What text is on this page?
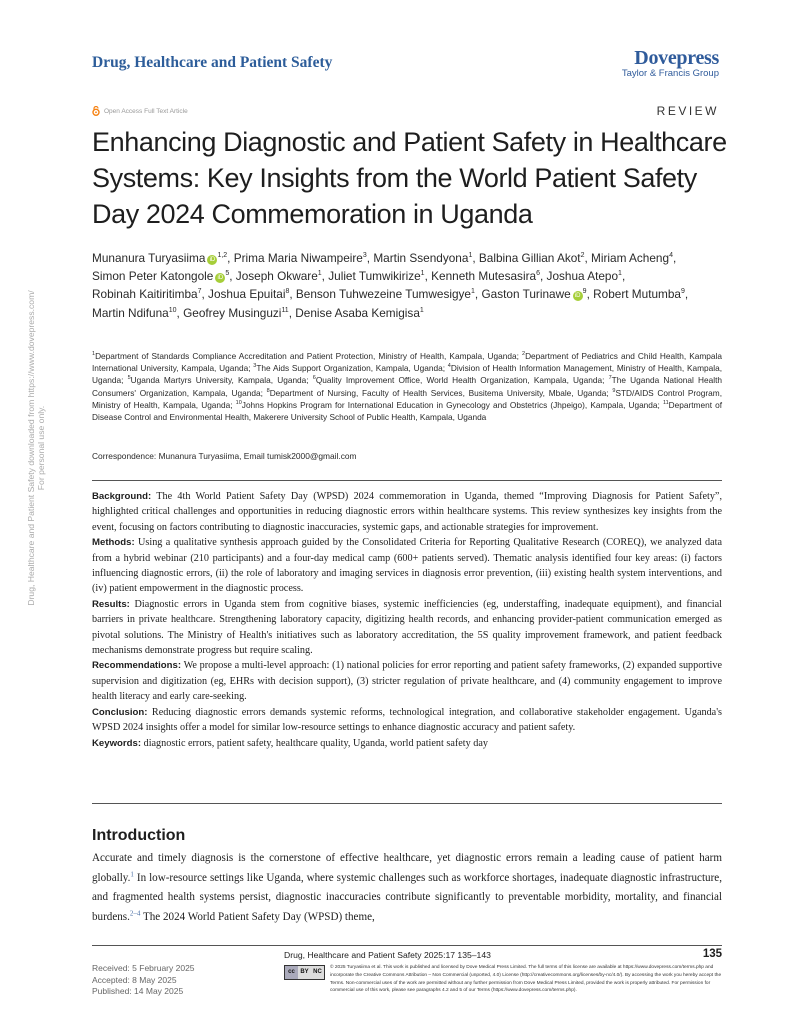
Drug, Healthcare and Patient Safety	Dovepress
Taylor & Francis Group
Open Access Full Text Article	REVIEW
Enhancing Diagnostic and Patient Safety in Healthcare Systems: Key Insights from the World Patient Safety Day 2024 Commemoration in Uganda
Munanura Turyasiima iD$^{1,2}$, Prima Maria Niwampeire$^3$, Martin Ssendyona$^1$, Balbina Gillian Akot$^2$, Miriam Acheng$^4$, Simon Peter Katongole $iD^5$, Joseph Okware$^1$, Juliet Tumwikirize$^1$, Kenneth Mutesasira$^6$, Joshua Atepo$^1$, Robinah Kaitiritimba$^7$, Joshua Epuitai$^8$, Benson Tuhwezeine Tumwesigye$^1$, Gaston Turinawe $iD^9$, Robert Mutumba$^9$, Martin Ndifuna$^{10}$, Geofrey Musinguzi$^{11}$, Denise Asaba Kemigisa$^1$
$^1$Department of Standards Compliance Accreditation and Patient Protection, Ministry of Health, Kampala, Uganda; $^2$Department of Pediatrics and Child Health, Kampala International University, Kampala, Uganda; $^3$The Aids Support Organization, Kampala, Uganda; $^4$Division of Health Information Management, Ministry of Health, Kampala, Uganda; $^5$Uganda Martyrs University, Kampala, Uganda; $^6$Quality Improvement Office, World Health Organization, Kampala, Uganda; $^7$The Uganda National Health Consumers' Organization, Kampala, Uganda; $^8$Department of Nursing, Faculty of Health Services, Busitema University, Mbale, Uganda; $^9$STD/AIDS Control Program, Ministry of Health, Kampala, Uganda; $^{10}$Johns Hopkins Program for International Education in Gynecology and Obstetrics (Jhpeigo), Kampala, Uganda; $^{11}$Department of Disease Control and Environmental Health, Makerere University School of Public Health, Kampala, Uganda
Correspondence: Munanura Turyasiima, Email tumisk2000@gmail.com

Background: The 4th World Patient Safety Day (WPSD) 2024 commemoration in Uganda, themed “Improving Diagnosis for Patient Safety”, highlighted critical challenges and opportunities in reducing diagnostic errors within healthcare systems. This review synthesizes key insights from the event, focusing on factors contributing to diagnostic inaccuracies, systemic gaps, and actionable strategies for improvement.

Methods: Using a qualitative synthesis approach guided by the Consolidated Criteria for Reporting Qualitative Research (COREQ), we analyzed data from a hybrid webinar (210 participants) and a four-day medical camp (600+ patients served). Thematic analysis identified four key areas: (i) factors influencing diagnostic errors, (ii) the role of laboratory and imaging services in diagnosis error prevention, (iii) existing health system interventions, and (iv) patient empowerment in the diagnostic process.

Results: Diagnostic errors in Uganda stem from cognitive biases, systemic inefficiencies (eg, understaffing, inadequate equipment), and financial barriers in private healthcare. Strengthening laboratory capacity, digitizing health records, and enhancing provider-patient communication emerged as pivotal solutions. The Ministry of Health's initiatives such as laboratory accreditation, the 5S quality improvement framework, and patient feedback mechanisms demonstrate progress but require scaling.

Recommendations: We propose a multi-level approach: (1) national policies for error reporting and patient safety frameworks, (2) expanded supportive supervision and digitization (eg, EHRs with decision support), (3) stricter regulation of private healthcare, and (4) community engagement to improve health literacy and early care-seeking.

Conclusion: Reducing diagnostic errors demands systemic reforms, technological integration, and collaborative stakeholder engagement. Uganda's WPSD 2024 insights offer a model for similar low-resource settings to enhance diagnostic accuracy and patient safety.

Keywords: diagnostic errors, patient safety, healthcare quality, Uganda, world patient safety day

Introduction

Accurate and timely diagnosis is the cornerstone of effective healthcare, yet diagnostic errors remain a leading cause of patient harm globally.$^1$ In low-resource settings like Uganda, where systemic challenges such as workforce shortages, inadequate diagnostic infrastructure, and fragmented health systems persist, diagnostic inaccuracies contribute significantly to preventable morbidity, mortality, and financial burdens.$^{2-4}$ The 2024 World Patient Safety Day (WPSD) theme,

Drug, Healthcare and Patient Safety 2025:17 135–143	135
Received: 5 February 2025
Accepted: 8 May 2025
Published: 14 May 2025
cc BY NC
© 2025 Turyasiima et al. This work is published and licensed by Dove Medical Press Limited. The full terms of this license are available at https://www.dovepress.com/terms.php and incorporate the Creative Commons Attribution – Non Commercial (unported, 4.0) License (http://creativecommons.org/licenses/by-nc/4.0/). By accessing the work you hereby accept the Terms. Non-commercial uses of the work are permitted without any further permission from Dove Medical Press Limited, provided the work is properly attributed. For permission for commercial use of this work, please see paragraphs 4.2 and 5 of our Terms (https://www.dovepress.com/terms.php).
Drug, Healthcare and Patient Safety downloaded from https://www.dovepress.com/ For personal use only.
